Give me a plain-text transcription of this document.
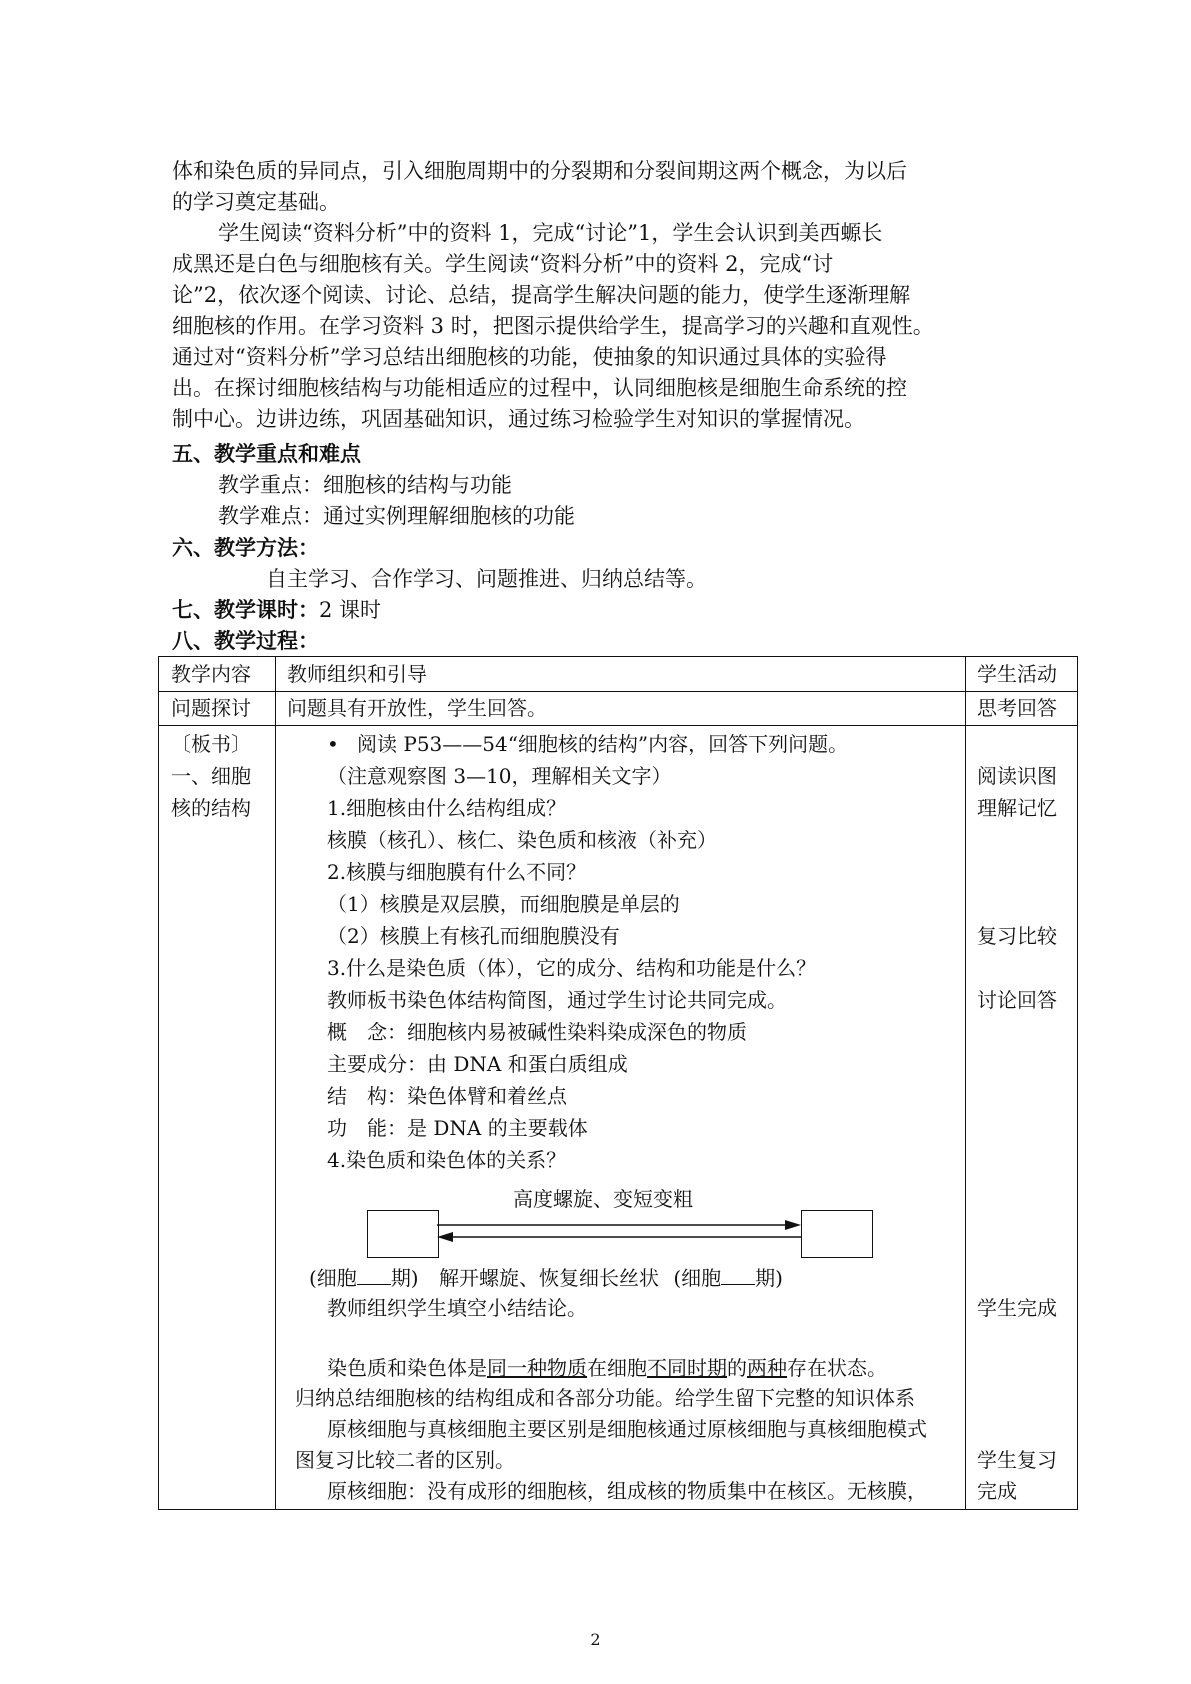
体和染色质的异同点，引入细胞周期中的分裂期和分裂间期这两个概念，为以后
的学习奠定基础。
学生阅读“资料分析”中的资料 1，完成“讨论”1，学生会认识到美西螈长
成黑还是白色与细胞核有关。学生阅读“资料分析”中的资料 2，完成“讨
论”2，依次逐个阅读、讨论、总结，提高学生解决问题的能力，使学生逐渐理解
细胞核的作用。在学习资料 3 时，把图示提供给学生，提高学习的兴趣和直观性。
通过对“资料分析”学习总结出细胞核的功能，使抽象的知识通过具体的实验得
出。在探讨细胞核结构与功能相适应的过程中，认同细胞核是细胞生命系统的控
制中心。边讲边练，巩固基础知识，通过练习检验学生对知识的掌握情况。
五、教学重点和难点
教学重点：细胞核的结构与功能
教学难点：通过实例理解细胞核的功能
六、教学方法：
自主学习、合作学习、问题推进、归纳总结等。
七、教学课时：2 课时
八、教学过程：
教学内容 教师组织和引导	学生活动
问题探讨 问题具有开放性，学生回答。	思考回答
〔板书〕
一、细胞
核的结构
• 阅读 P53——54“细胞核的结构”内容，回答下列问题。
（注意观察图 3—10，理解相关文字）
1.细胞核由什么结构组成？
核膜（核孔）、核仁、染色质和核液（补充）
2.核膜与细胞膜有什么不同？
（1）核膜是双层膜，而细胞膜是单层的
（2）核膜上有核孔而细胞膜没有
3.什么是染色质（体），它的成分、结构和功能是什么？
教师板书染色体结构简图，通过学生讨论共同完成。
概　念：细胞核内易被碱性染料染成深色的物质
主要成分：由 DNA 和蛋白质组成
结　构：染色体臂和着丝点
功　能：是 DNA 的主要载体
4.染色质和染色体的关系？
高度螺旋、变短变粗
(细胞 期) 解开螺旋、恢复细长丝状 (细胞 期)
教师组织学生填空小结结论。
染色质和染色体是同一种物质在细胞不同时期的两种存在状态。
归纳总结细胞核的结构组成和各部分功能。给学生留下完整的知识体系
原核细胞与真核细胞主要区别是细胞核通过原核细胞与真核细胞模式
图复习比较二者的区别。
原核细胞：没有成形的细胞核，组成核的物质集中在核区。无核膜，
阅读识图
理解记忆
复习比较
讨论回答
学生完成
学生复习
完成
2
